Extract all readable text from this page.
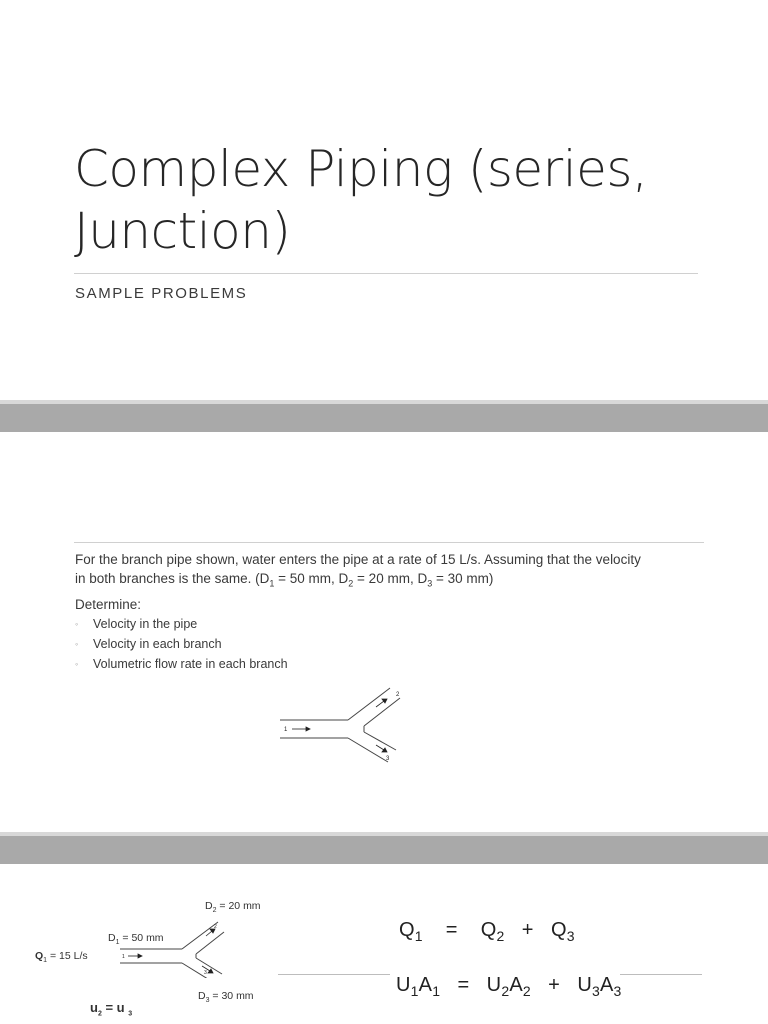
Complex Piping (series,
Junction)
SAMPLE PROBLEMS
For the branch pipe shown, water enters the pipe at a rate of 15 L/s. Assuming that the velocity
in both branches is the same. ($D_1 = 50$ mm, $D_2 = 20$ mm, $D_3 = 30$ mm)
Determine:
◦ Velocity in the pipe
◦ Velocity in each branch
◦ Volumetric flow rate in each branch
1
2
3
$D_2 = 20$ mm
$D_1 = 50$ mm
$Q_1 = 15$ L/s
$D_3 = 30$ mm
$u_2 = u$ $_3$
1
2
3
$Q_1 = Q_2 + Q_3$
$U_1A_1 = U_2A_2 + U_3A_3$
